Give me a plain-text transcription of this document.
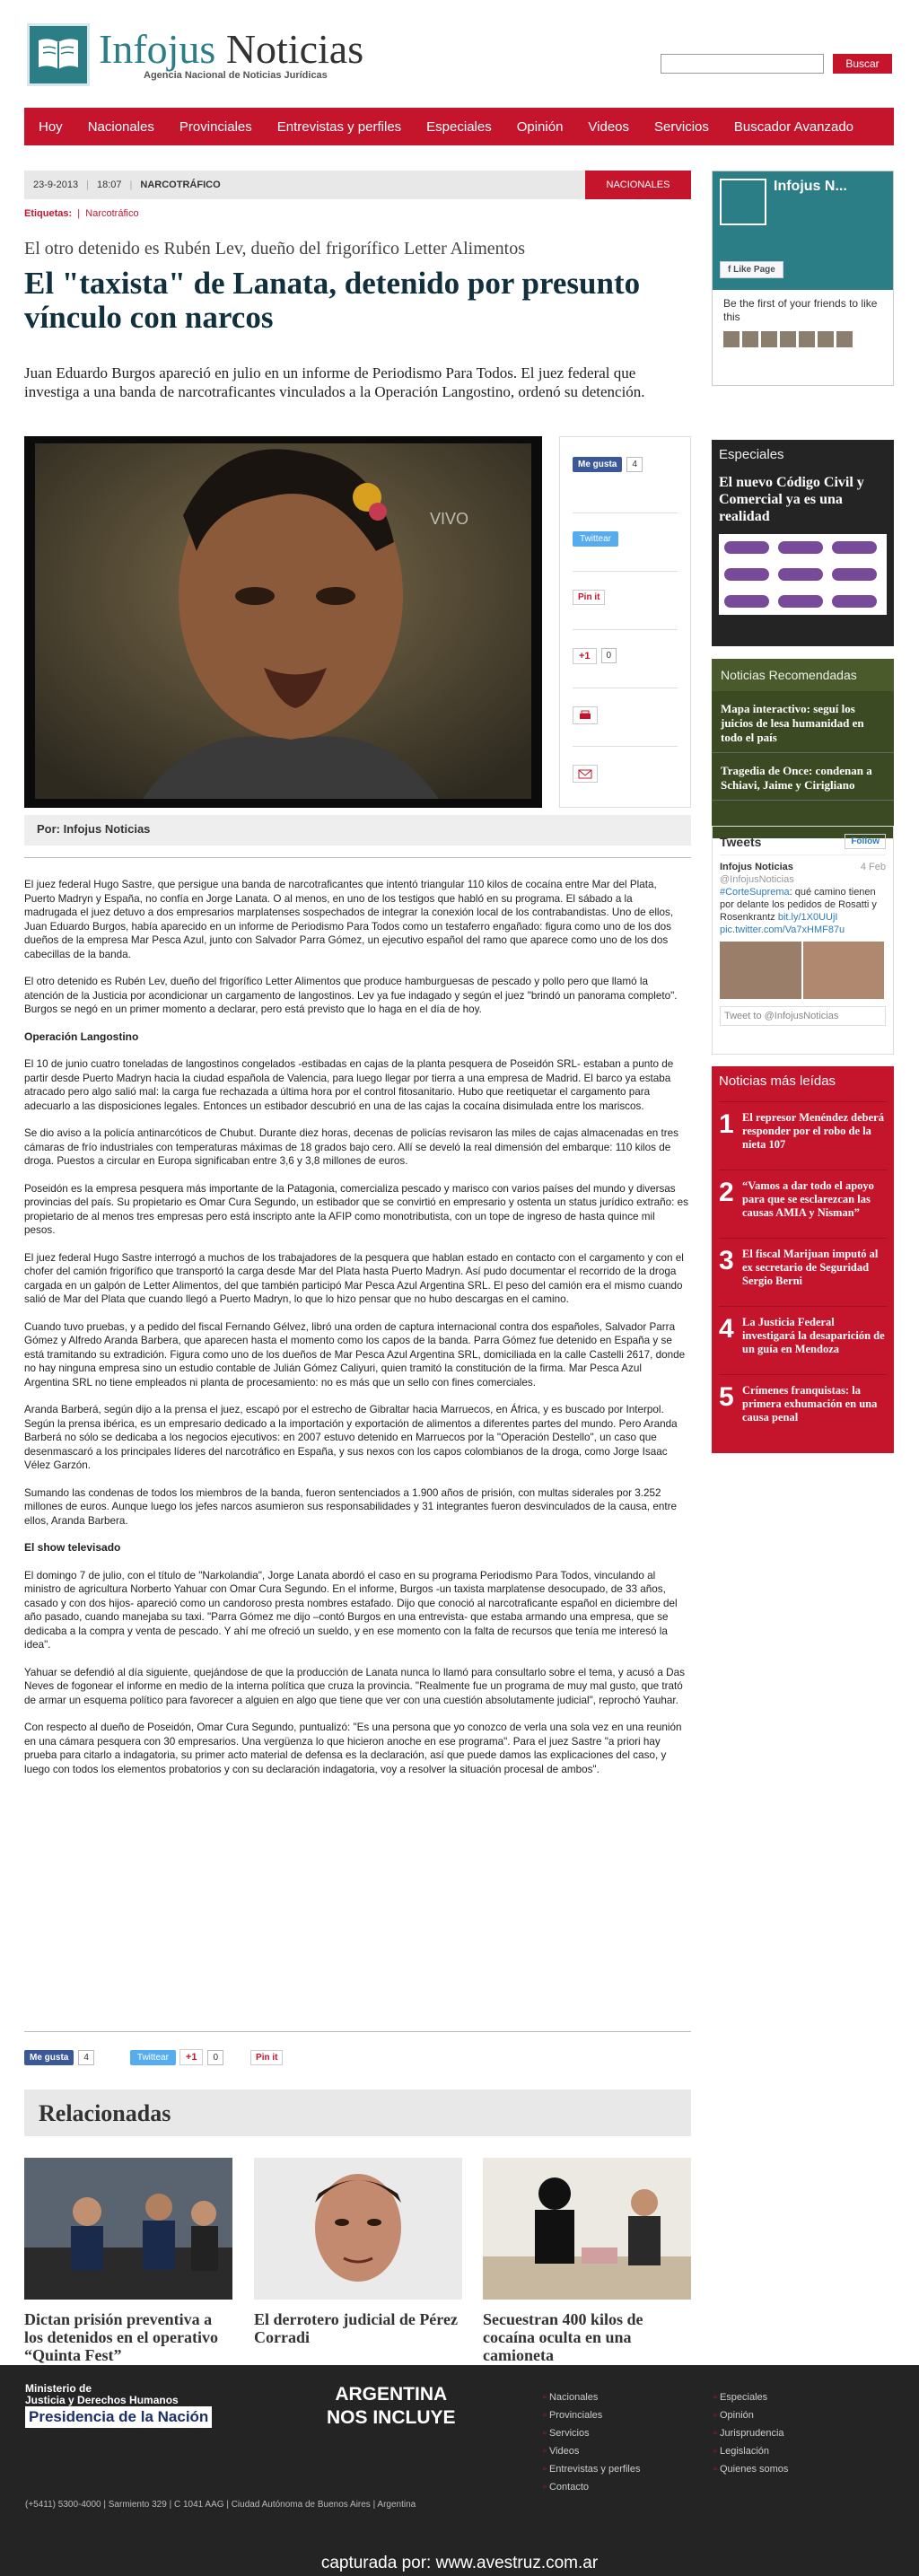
Infojus Noticias
Agencia Nacional de Noticias Jurídicas
Buscar
Hoy Nacionales Provinciales Entrevistas y perfiles Especiales Opinión Videos Servicios Buscador Avanzado
23-9-2013 | 18:07 | NARCOTRÁFICO	NACIONALES
Etiquetas:  |  Narcotráfico
El otro detenido es Rubén Lev, dueño del frigorífico Letter Alimentos
El "taxista" de Lanata, detenido por presunto vínculo con narcos
Juan Eduardo Burgos apareció en julio en un informe de Periodismo Para Todos. El juez federal que investiga a una banda de narcotraficantes vinculados a la Operación Langostino, ordenó su detención.
VIVO
Me gusta	4
Twittear
Pin it
+1	0
Por: Infojus Noticias

El juez federal Hugo Sastre, que persigue una banda de narcotraficantes que intentó triangular 110 kilos de cocaína entre Mar del Plata, Puerto Madryn y España, no confía en Jorge Lanata. O al menos, en uno de los testigos que habló en su programa. El sábado a la madrugada el juez detuvo a dos empresarios marplatenses sospechados de integrar la conexión local de los contrabandistas. Uno de ellos, Juan Eduardo Burgos, había aparecido en un informe de Periodismo Para Todos como un testaferro engañado: figura como uno de los dos dueños de la empresa Mar Pesca Azul, junto con Salvador Parra Gómez, un ejecutivo español del ramo que aparece como uno de los dos cabecillas de la banda.

El otro detenido es Rubén Lev, dueño del frigorífico Letter Alimentos que produce hamburguesas de pescado y pollo pero que llamó la atención de la Justicia por acondicionar un cargamento de langostinos. Lev ya fue indagado y según el juez "brindó un panorama completo". Burgos se negó en un primer momento a declarar, pero está previsto que lo haga en el día de hoy.

Operación Langostino

El 10 de junio cuatro toneladas de langostinos congelados -estibadas en cajas de la planta pesquera de Poseidón SRL- estaban a punto de partir desde Puerto Madryn hacia la ciudad española de Valencia, para luego llegar por tierra a una empresa de Madrid. El barco ya estaba atracado pero algo salió mal: la carga fue rechazada a última hora por el control fitosanitario. Hubo que reetiquetar el cargamento para adecuarlo a las disposiciones legales. Entonces un estibador descubrió en una de las cajas la cocaína disimulada entre los mariscos.

Se dio aviso a la policía antinarcóticos de Chubut. Durante diez horas, decenas de policías revisaron las miles de cajas almacenadas en tres cámaras de frío industriales con temperaturas máximas de 18 grados bajo cero. Allí se develó la real dimensión del embarque: 110 kilos de droga. Puestos a circular en Europa significaban entre 3,6 y 3,8 millones de euros.

Poseidón es la empresa pesquera más importante de la Patagonia, comercializa pescado y marisco con varios países del mundo y diversas provincias del país. Su propietario es Omar Cura Segundo, un estibador que se convirtió en empresario y ostenta un status jurídico extraño: es propietario de al menos tres empresas pero está inscripto ante la AFIP como monotributista, con un tope de ingreso de hasta quince mil pesos.

El juez federal Hugo Sastre interrogó a muchos de los trabajadores de la pesquera que hablan estado en contacto con el cargamento y con el chofer del camión frigorífico que transportó la carga desde Mar del Plata hasta Puerto Madryn. Así pudo documentar el recorrido de la droga cargada en un galpón de Letter Alimentos, del que también participó Mar Pesca Azul Argentina SRL. El peso del camión era el mismo cuando salió de Mar del Plata que cuando llegó a Puerto Madryn, lo que lo hizo pensar que no hubo descargas en el camino.

Cuando tuvo pruebas, y a pedido del fiscal Fernando Gélvez, libró una orden de captura internacional contra dos españoles, Salvador Parra Gómez y Alfredo Aranda Barbera, que aparecen hasta el momento como los capos de la banda. Parra Gómez fue detenido en España y se está tramitando su extradición. Figura como uno de los dueños de Mar Pesca Azul Argentina SRL, domiciliada en la calle Castelli 2617, donde no hay ninguna empresa sino un estudio contable de Julián Gómez Caliyuri, quien tramitó la constitución de la firma. Mar Pesca Azul Argentina SRL no tiene empleados ni planta de procesamiento: no es más que un sello con fines comerciales.

Aranda Barberá, según dijo a la prensa el juez, escapó por el estrecho de Gibraltar hacia Marruecos, en África, y es buscado por Interpol. Según la prensa ibérica, es un empresario dedicado a la importación y exportación de alimentos a diferentes partes del mundo. Pero Aranda Barberá no sólo se dedicaba a los negocios ejecutivos: en 2007 estuvo detenido en Marruecos por la "Operación Destello", un caso que desenmascaró a los principales líderes del narcotráfico en España, y sus nexos con los capos colombianos de la droga, como Jorge Isaac Vélez Garzón.

Sumando las condenas de todos los miembros de la banda, fueron sentenciados a 1.900 años de prisión, con multas siderales por 3.252 millones de euros. Aunque luego los jefes narcos asumieron sus responsabilidades y 31 integrantes fueron desvinculados de la causa, entre ellos, Aranda Barbera.

El show televisado

El domingo 7 de julio, con el título de "Narkolandia", Jorge Lanata abordó el caso en su programa Periodismo Para Todos, vinculando al ministro de agricultura Norberto Yahuar con Omar Cura Segundo. En el informe, Burgos -un taxista marplatense desocupado, de 33 años, casado y con dos hijos- apareció como un candoroso presta nombres estafado. Dijo que conoció al narcotraficante español en diciembre del año pasado, cuando manejaba su taxi. "Parra Gómez me dijo –contó Burgos en una entrevista- que estaba armando una empresa, que se dedicaba a la compra y venta de pescado. Y ahí me ofreció un sueldo, y en ese momento con la falta de recursos que tenía me interesó la idea".

Yahuar se defendió al día siguiente, quejándose de que la producción de Lanata nunca lo llamó para consultarlo sobre el tema, y acusó a Das Neves de fogonear el informe en medio de la interna política que cruza la provincia. "Realmente fue un programa de muy mal gusto, que trató de armar un esquema político para favorecer a alguien en algo que tiene que ver con una cuestión absolutamente judicial", reprochó Yauhar.

Con respecto al dueño de Poseidón, Omar Cura Segundo, puntualizó: "Es una persona que yo conozco de verla una sola vez en una reunión en una cámara pesquera con 30 empresarios. Una vergüenza lo que hicieron anoche en ese programa". Para el juez Sastre "a priori hay prueba para citarlo a indagatoria, su primer acto material de defensa es la declaración, así que puede damos las explicaciones del caso, y luego con todos los elementos probatorios y con su declaración indagatoria, voy a resolver la situación procesal de ambos".

Me gusta	4	Twittear	+1	0	Pin it
Relacionadas
Dictan prisión preventiva a los detenidos en el operativo “Quinta Fest”
El derrotero judicial de Pérez Corradi
Secuestran 400 kilos de cocaína oculta en una camioneta
Infojus N...
f Like Page
Be the first of your friends to like this
Especiales
El nuevo Código Civil y Comercial ya es una realidad
Noticias Recomendadas
Mapa interactivo: seguí los juicios de lesa humanidad en todo el país
Tragedia de Once: condenan a Schiavi, Jaime y Cirigliano
Tweets	Follow
Infojus Noticias	4 Feb
@InfojusNoticias
#CorteSuprema: qué camino tienen por delante los pedidos de Rosatti y Rosenkrantz bit.ly/1X0UUjI pic.twitter.com/Va7xHMF87u
Tweet to @InfojusNoticias
Noticias más leídas
1 El represor Menéndez deberá responder por el robo de la nieta 107
2 “Vamos a dar todo el apoyo para que se esclarezcan las causas AMIA y Nisman”
3 El fiscal Marijuan imputó al ex secretario de Seguridad Sergio Berni
4 La Justicia Federal investigará la desaparición de un guía en Mendoza
5 Crímenes franquistas: la primera exhumación en una causa penal
Ministerio de
Justicia y Derechos Humanos
Presidencia de la Nación
ARGENTINA
NOS INCLUYE
(+5411) 5300-4000 | Sarmiento 329 | C 1041 AAG | Ciudad Autónoma de Buenos Aires | Argentina
▫ Nacionales
▫ Provinciales
▫ Servicios
▫ Videos
▫ Entrevistas y perfiles
▫ Contacto
▫ Especiales
▫ Opinión
▫ Jurisprudencia
▫ Legislación
▫ Quienes somos
capturada por: www.avestruz.com.ar
